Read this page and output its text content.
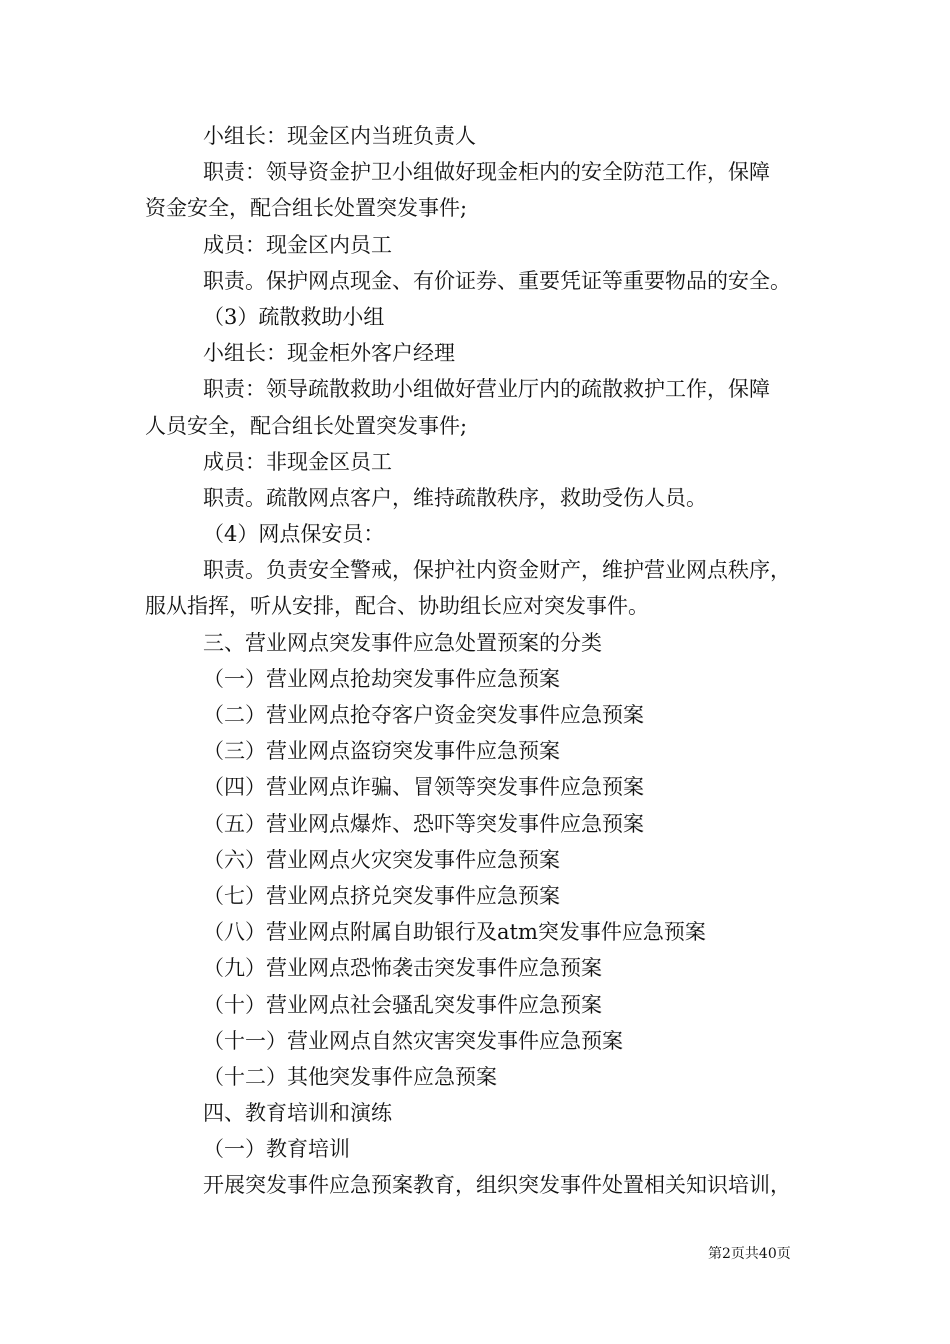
小组长：现金区内当班负责人

职责：领导资金护卫小组做好现金柜内的安全防范工作，保障

资金安全，配合组长处置突发事件;

成员：现金区内员工

职责。保护网点现金、有价证券、重要凭证等重要物品的安全。

（3）疏散救助小组

小组长：现金柜外客户经理

职责：领导疏散救助小组做好营业厅内的疏散救护工作，保障

人员安全，配合组长处置突发事件;

成员：非现金区员工

职责。疏散网点客户，维持疏散秩序，救助受伤人员。

（4）网点保安员：

职责。负责安全警戒，保护社内资金财产，维护营业网点秩序，

服从指挥，听从安排，配合、协助组长应对突发事件。

三、营业网点突发事件应急处置预案的分类

（一）营业网点抢劫突发事件应急预案

（二）营业网点抢夺客户资金突发事件应急预案

（三）营业网点盗窃突发事件应急预案

（四）营业网点诈骗、冒领等突发事件应急预案

（五）营业网点爆炸、恐吓等突发事件应急预案

（六）营业网点火灾突发事件应急预案

（七）营业网点挤兑突发事件应急预案

（八）营业网点附属自助银行及atm突发事件应急预案

（九）营业网点恐怖袭击突发事件应急预案

（十）营业网点社会骚乱突发事件应急预案

（十一）营业网点自然灾害突发事件应急预案

（十二）其他突发事件应急预案

四、教育培训和演练

（一）教育培训

开展突发事件应急预案教育，组织突发事件处置相关知识培训，

第2页共40页
